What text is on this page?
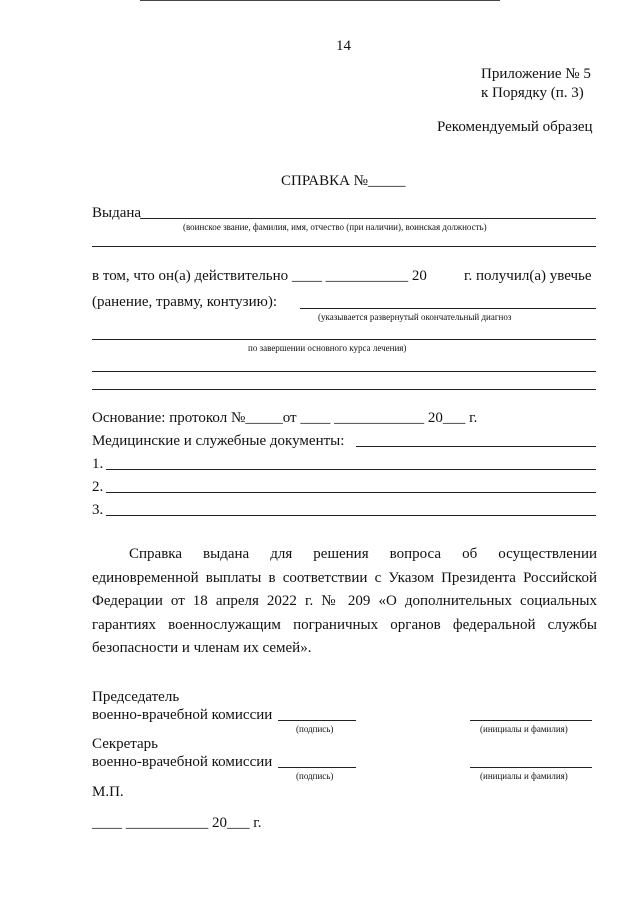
14
Приложение № 5
к Порядку (п. 3)
Рекомендуемый образец
СПРАВКА №_____
Выдана
(воинское звание, фамилия, имя, отчество (при наличии), воинская должность)
в том, что он(а) действительно ____ ___________ 20 г. получил(а) увечье
(ранение, травму, контузию):
(указывается развернутый окончательный диагноз
по завершении основного курса лечения)
Основание: протокол №_____от ____ ____________ 20___ г.
Медицинские и служебные документы:
1.
2.
3.
Справка выдана для решения вопроса об осуществлении единовременной выплаты в соответствии с Указом Президента Российской Федерации от 18 апреля 2022 г. № 209 «О дополнительных социальных гарантиях военнослужащим пограничных органов федеральной службы безопасности и членам их семей».
Председатель
военно-врачебной комиссии
(подпись)	(инициалы и фамилия)
Секретарь
военно-врачебной комиссии
(подпись)	(инициалы и фамилия)
М.П.
____ ___________ 20___ г.
